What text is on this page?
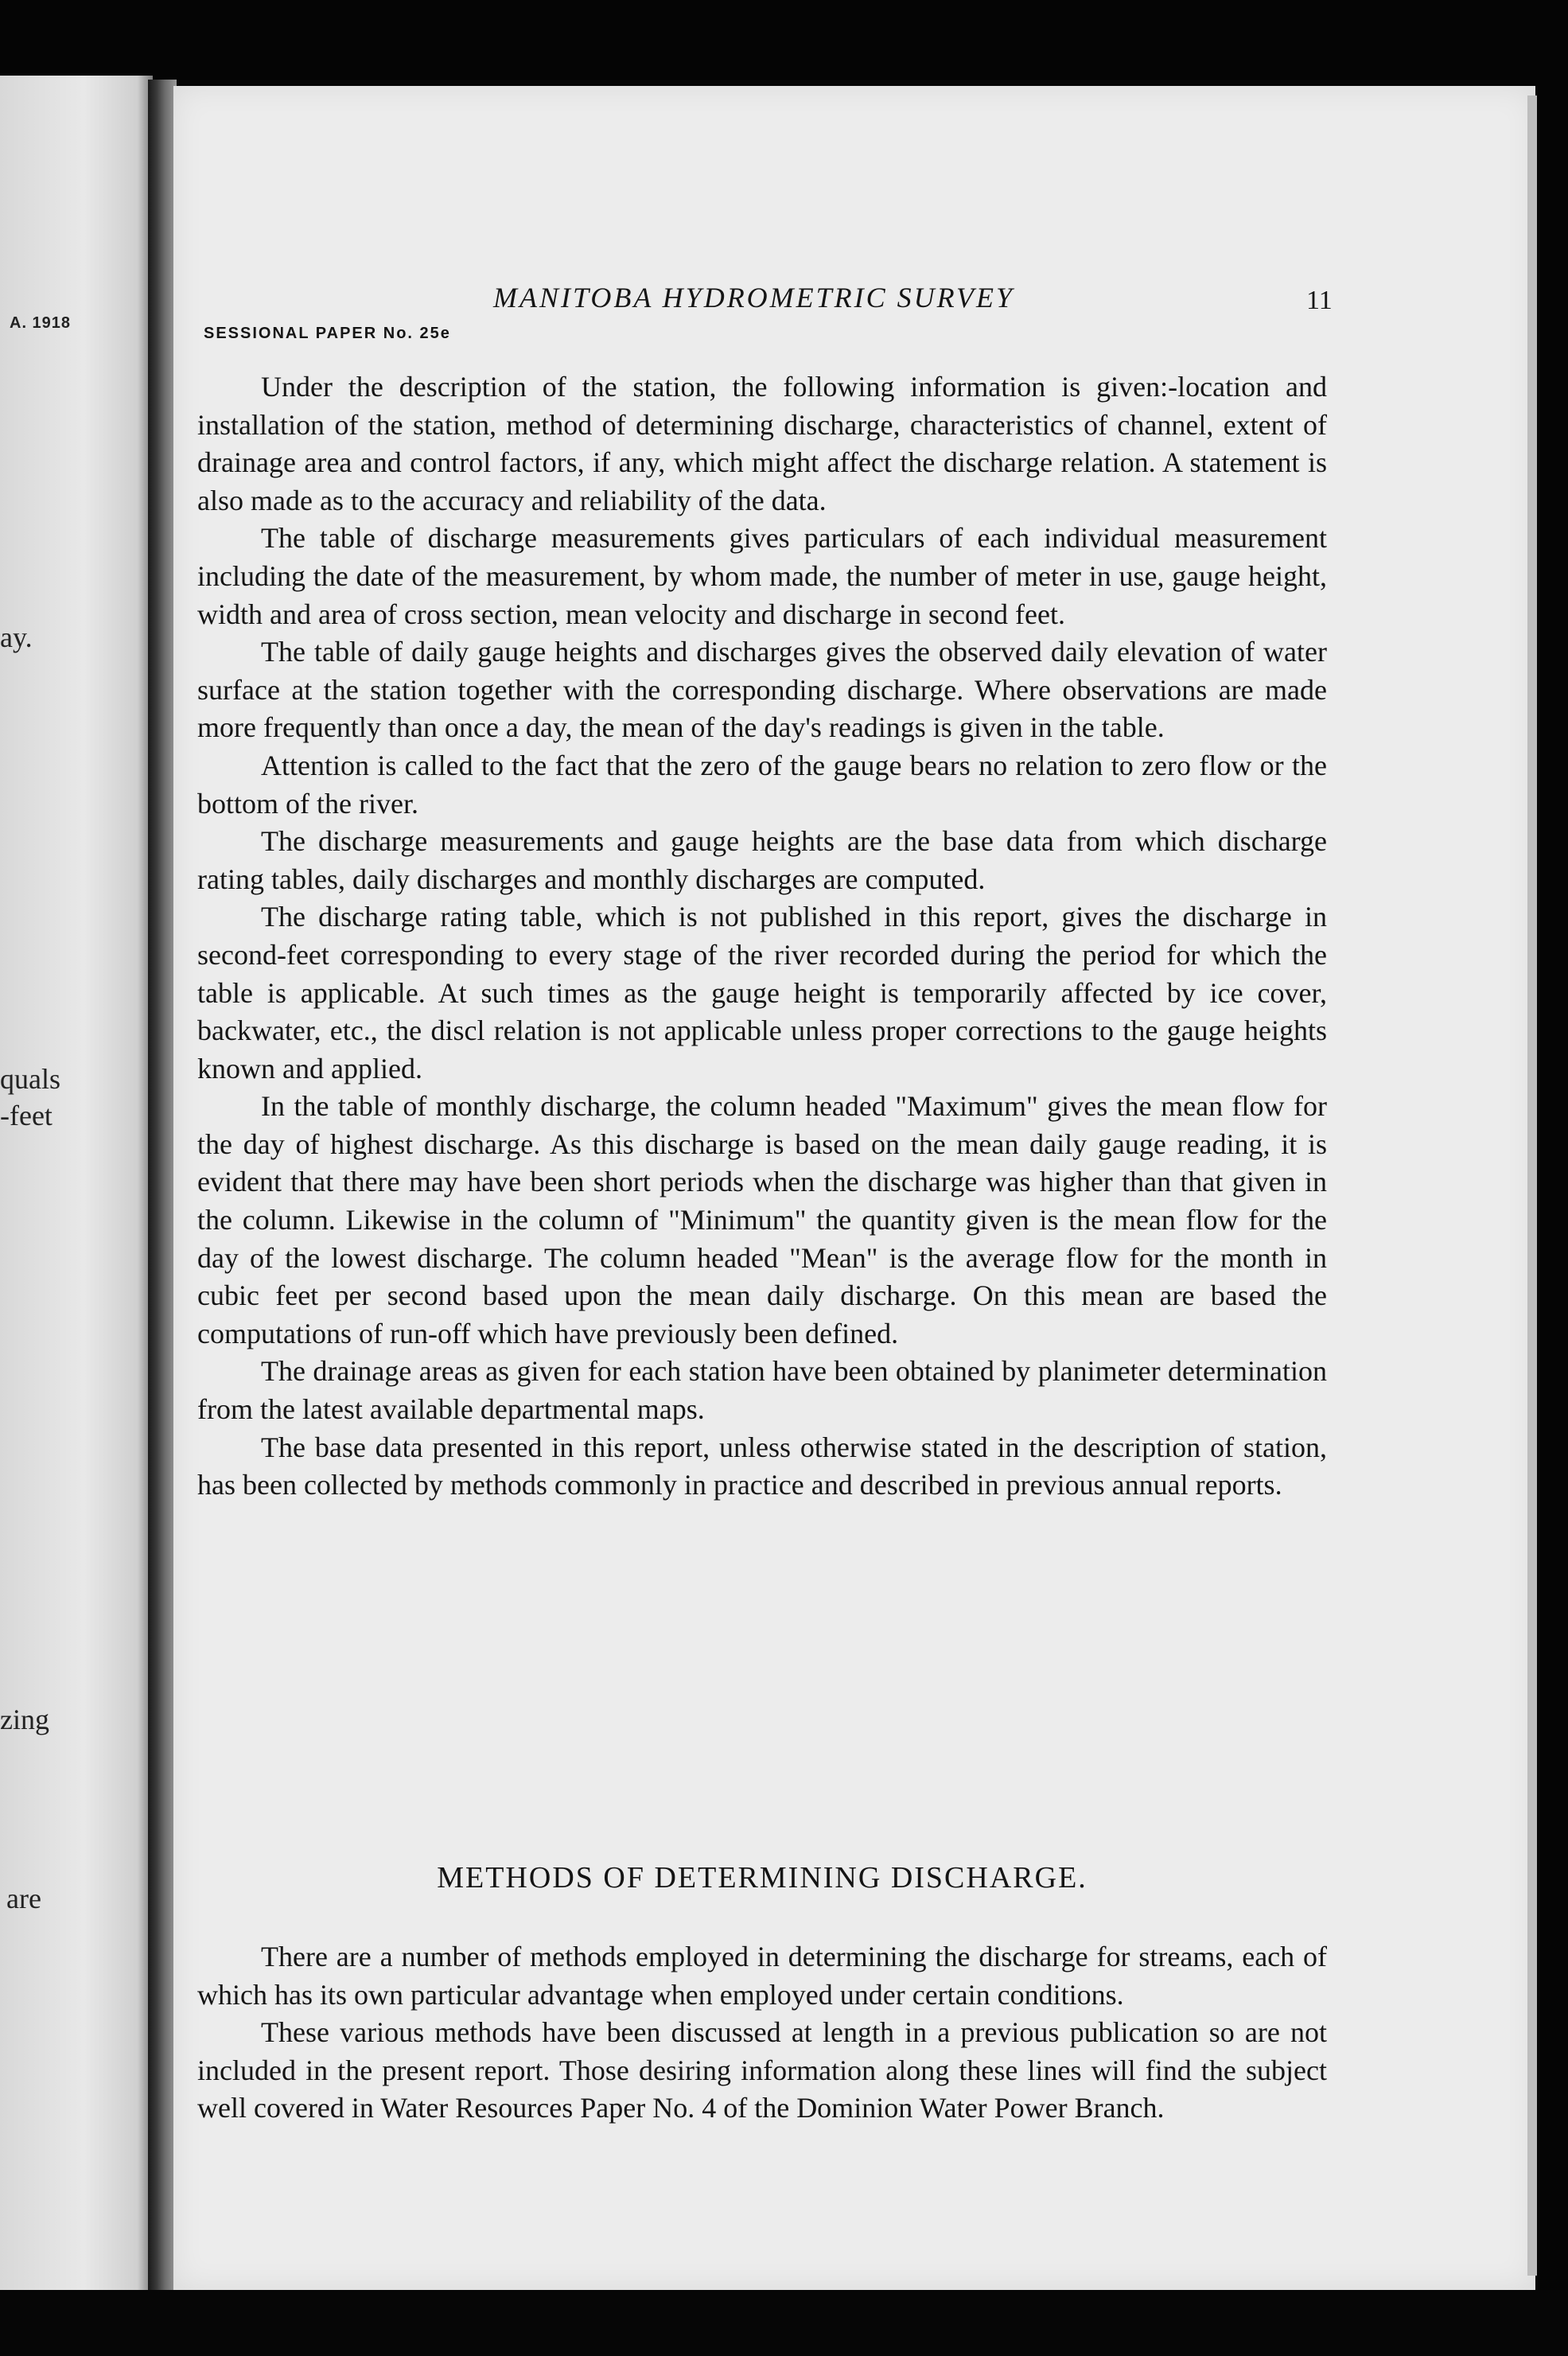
A. 1918
ay.
quals
-feet
zing
are
MANITOBA HYDROMETRIC SURVEY	11
SESSIONAL PAPER No. 25e

Under the description of the station, the following information is given:-location and installation of the station, method of determining discharge, characteristics of channel, extent of drainage area and control factors, if any, which might affect the discharge relation. A statement is also made as to the accuracy and reliability of the data.

The table of discharge measurements gives particulars of each individual measurement including the date of the measurement, by whom made, the number of meter in use, gauge height, width and area of cross section, mean velocity and discharge in second feet.

The table of daily gauge heights and discharges gives the observed daily elevation of water surface at the station together with the corresponding discharge. Where observations are made more frequently than once a day, the mean of the day's readings is given in the table.

Attention is called to the fact that the zero of the gauge bears no relation to zero flow or the bottom of the river.

The discharge measurements and gauge heights are the base data from which discharge rating tables, daily discharges and monthly discharges are computed.

The discharge rating table, which is not published in this report, gives the discharge in second-feet corresponding to every stage of the river recorded during the period for which the table is applicable. At such times as the gauge height is temporarily affected by ice cover, backwater, etc., the discl relation is not applicable unless proper corrections to the gauge heights known and applied.

In the table of monthly discharge, the column headed "Maximum" gives the mean flow for the day of highest discharge. As this discharge is based on the mean daily gauge reading, it is evident that there may have been short periods when the discharge was higher than that given in the column. Likewise in the column of "Minimum" the quantity given is the mean flow for the day of the lowest discharge. The column headed "Mean" is the average flow for the month in cubic feet per second based upon the mean daily discharge. On this mean are based the computations of run-off which have previously been defined.

The drainage areas as given for each station have been obtained by planimeter determination from the latest available departmental maps.

The base data presented in this report, unless otherwise stated in the description of station, has been collected by methods commonly in practice and described in previous annual reports.

METHODS OF DETERMINING DISCHARGE.

There are a number of methods employed in determining the discharge for streams, each of which has its own particular advantage when employed under certain conditions.

These various methods have been discussed at length in a previous publication so are not included in the present report. Those desiring information along these lines will find the subject well covered in Water Resources Paper No. 4 of the Dominion Water Power Branch.
